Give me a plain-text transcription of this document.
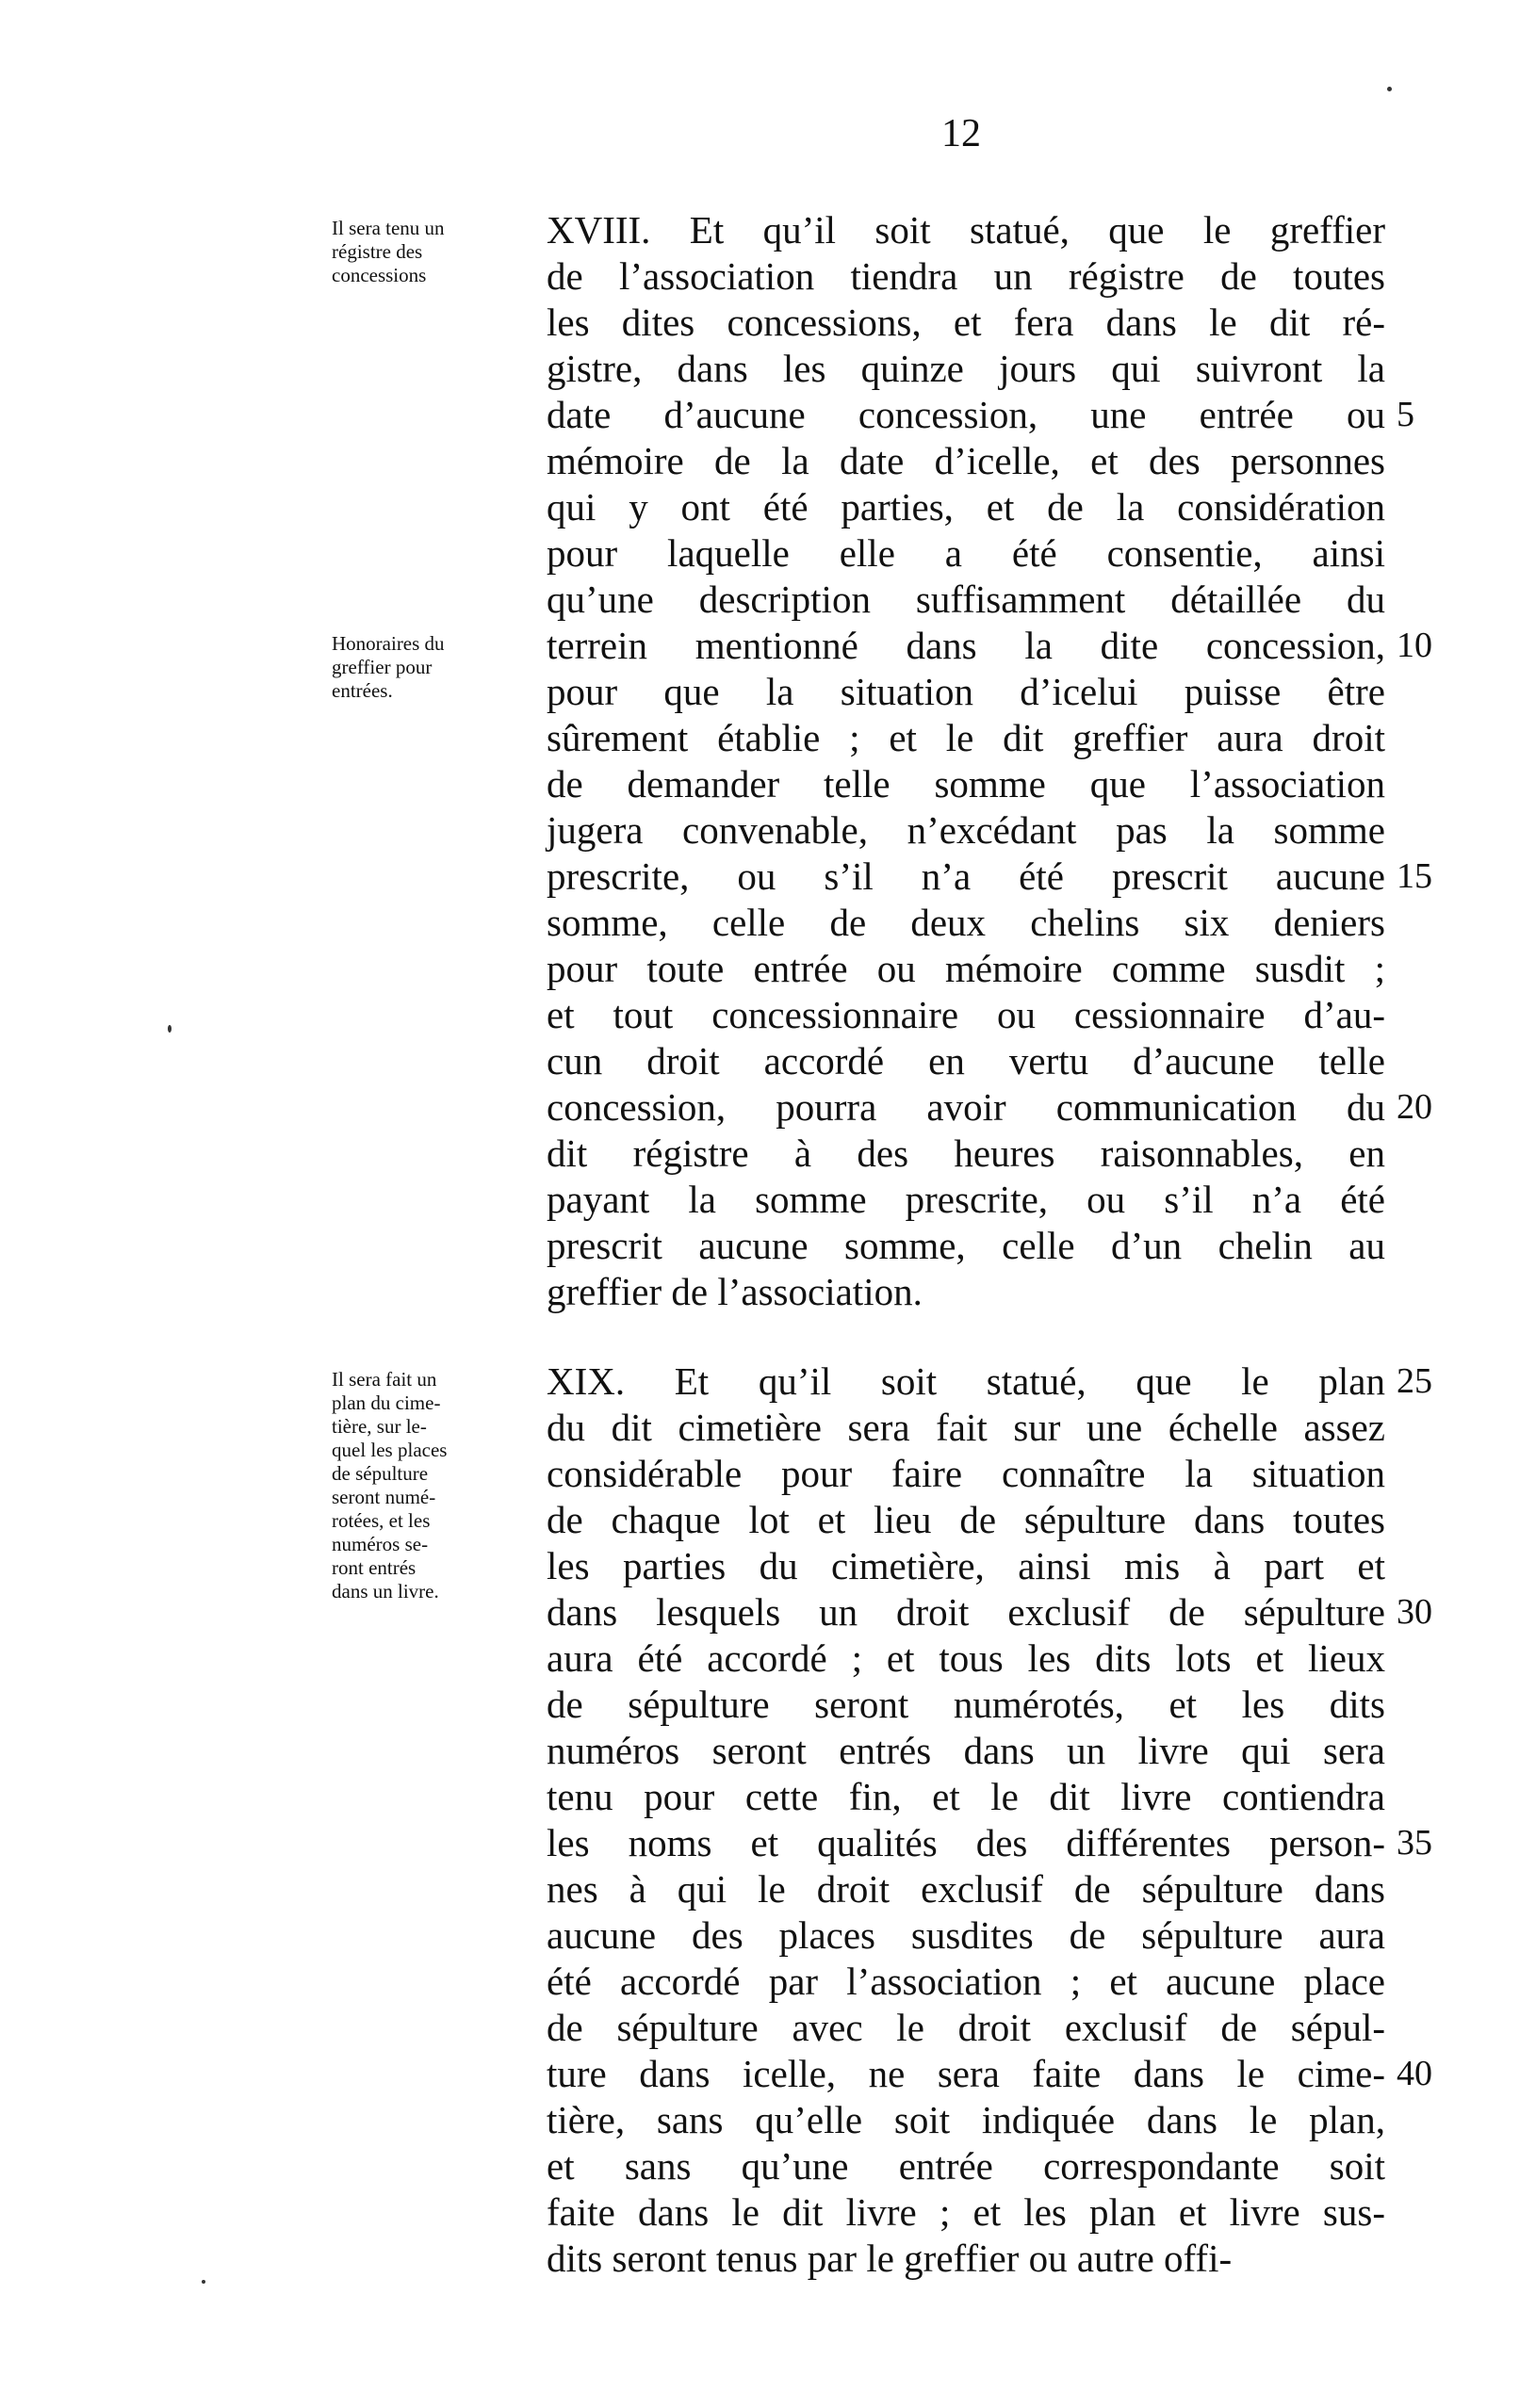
12
XVIII. Et qu’il soit statué, que le greffier
de l’association tiendra un régistre de toutes
les dites concessions, et fera dans le dit ré-
gistre, dans les quinze jours qui suivront la
date d’aucune concession, une entrée ou
mémoire de la date d’icelle, et des personnes
qui y ont été parties, et de la considération
pour laquelle elle a été consentie, ainsi
qu’une description suffisamment détaillée du
terrein mentionné dans la dite concession,
pour que la situation d’icelui puisse être
sûrement établie ; et le dit greffier aura droit
de demander telle somme que l’association
jugera convenable, n’excédant pas la somme
prescrite, ou s’il n’a été prescrit aucune
somme, celle de deux chelins six deniers
pour toute entrée ou mémoire comme susdit ;
et tout concessionnaire ou cessionnaire d’au-
cun droit accordé en vertu d’aucune telle
concession, pourra avoir communication du
dit régistre à des heures raisonnables, en
payant la somme prescrite, ou s’il n’a été
prescrit aucune somme, celle d’un chelin au
greffier de l’association.
5
10
15
20
Il sera tenu un
régistre des
concessions
Honoraires du
greffier pour
entrées.
XIX. Et qu’il soit statué, que le plan
du dit cimetière sera fait sur une échelle assez
considérable pour faire connaître la situation
de chaque lot et lieu de sépulture dans toutes
les parties du cimetière, ainsi mis à part et
dans lesquels un droit exclusif de sépulture
aura été accordé ; et tous les dits lots et lieux
de sépulture seront numérotés, et les dits
numéros seront entrés dans un livre qui sera
tenu pour cette fin, et le dit livre contiendra
les noms et qualités des différentes person-
nes à qui le droit exclusif de sépulture dans
aucune des places susdites de sépulture aura
été accordé par l’association ; et aucune place
de sépulture avec le droit exclusif de sépul-
ture dans icelle, ne sera faite dans le cime-
tière, sans qu’elle soit indiquée dans le plan,
et sans qu’une entrée correspondante soit
faite dans le dit livre ; et les plan et livre sus-
dits seront tenus par le greffier ou autre offi-
25
30
35
40
Il sera fait un
plan du cime-
tière, sur le-
quel les places
de sépulture
seront numé-
rotées, et les
numéros se-
ront entrés
dans un livre.
